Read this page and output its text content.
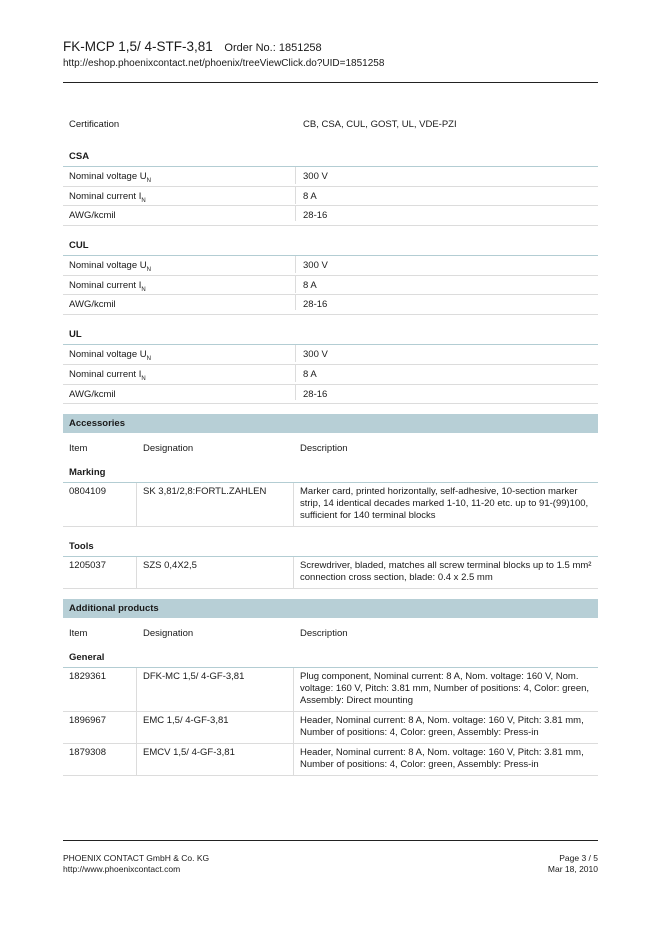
FK-MCP 1,5/ 4-STF-3,81 Order No.: 1851258
http://eshop.phoenixcontact.net/phoenix/treeViewClick.do?UID=1851258
Certification	CB, CSA, CUL, GOST, UL, VDE-PZI
CSA
Nominal voltage $U_N$	300 V
Nominal current $I_N$	8 A
AWG/kcmil	28-16
CUL
Nominal voltage $U_N$	300 V
Nominal current $I_N$	8 A
AWG/kcmil	28-16
UL
Nominal voltage $U_N$	300 V
Nominal current $I_N$	8 A
AWG/kcmil	28-16
Accessories
Item	Designation	Description
Marking
0804109	SK 3,81/2,8:FORTL.ZAHLEN	Marker card, printed horizontally, self-adhesive, 10-section marker strip, 14 identical decades marked 1-10, 11-20 etc. up to 91-(99)100, sufficient for 140 terminal blocks
Tools
1205037	SZS 0,4X2,5	Screwdriver, bladed, matches all screw terminal blocks up to 1.5 mm² connection cross section, blade: 0.4 x 2.5 mm
Additional products
Item	Designation	Description
General
1829361	DFK-MC 1,5/ 4-GF-3,81	Plug component, Nominal current: 8 A, Nom. voltage: 160 V, Nom. voltage: 160 V, Pitch: 3.81 mm, Number of positions: 4, Color: green, Assembly: Direct mounting
1896967	EMC 1,5/ 4-GF-3,81	Header, Nominal current: 8 A, Nom. voltage: 160 V, Pitch: 3.81 mm, Number of positions: 4, Color: green, Assembly: Press-in
1879308	EMCV 1,5/ 4-GF-3,81	Header, Nominal current: 8 A, Nom. voltage: 160 V, Pitch: 3.81 mm, Number of positions: 4, Color: green, Assembly: Press-in
PHOENIX CONTACT GmbH & Co. KG
http://www.phoenixcontact.com
Page 3 / 5
Mar 18, 2010
